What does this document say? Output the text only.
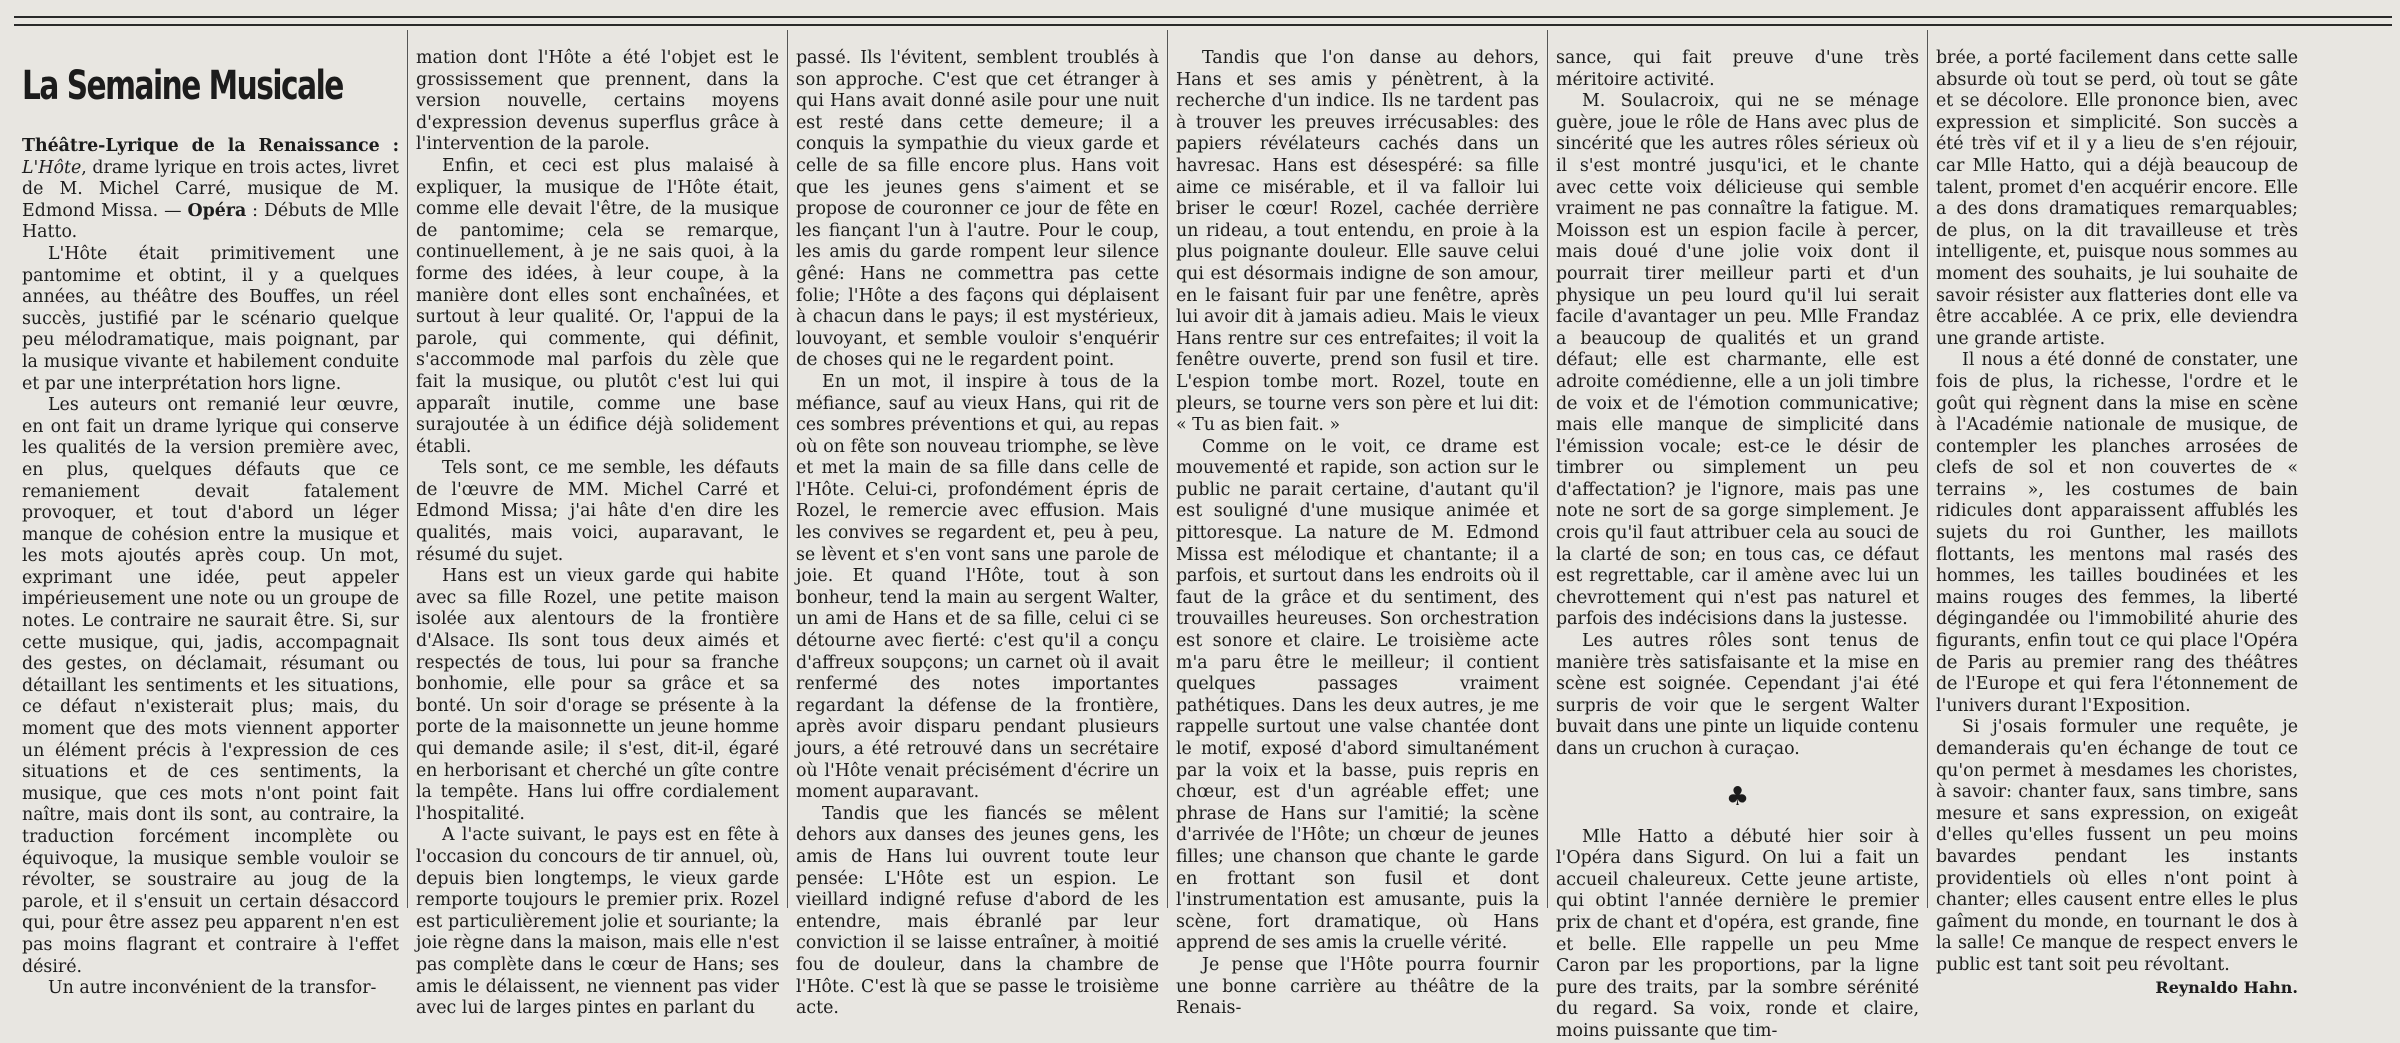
La Semaine Musicale

Théâtre-Lyrique de la Renaissance : L'Hôte, drame lyrique en trois actes, livret de M. Michel Carré, musique de M. Edmond Missa. — Opéra : Débuts de Mlle Hatto.

L'Hôte était primitivement une pantomime et obtint, il y a quelques années, au théâtre des Bouffes, un réel succès, justifié par le scénario quelque peu mélodramatique, mais poignant, par la musique vivante et habilement conduite et par une interprétation hors ligne.

Les auteurs ont remanié leur œuvre, en ont fait un drame lyrique qui conserve les qualités de la version première avec, en plus, quelques défauts que ce remaniement devait fatalement provoquer, et tout d'abord un léger manque de cohésion entre la musique et les mots ajoutés après coup. Un mot, exprimant une idée, peut appeler impérieusement une note ou un groupe de notes. Le contraire ne saurait être. Si, sur cette musique, qui, jadis, accompagnait des gestes, on déclamait, résumant ou détaillant les sentiments et les situations, ce défaut n'existerait plus; mais, du moment que des mots viennent apporter un élément précis à l'expression de ces situations et de ces sentiments, la musique, que ces mots n'ont point fait naître, mais dont ils sont, au contraire, la traduction forcément incomplète ou équivoque, la musique semble vouloir se révolter, se soustraire au joug de la parole, et il s'ensuit un certain désaccord qui, pour être assez peu apparent n'en est pas moins flagrant et contraire à l'effet désiré.

Un autre inconvénient de la transfor-

mation dont l'Hôte a été l'objet est le grossissement que prennent, dans la version nouvelle, certains moyens d'expression devenus superflus grâce à l'intervention de la parole.

Enfin, et ceci est plus malaisé à expliquer, la musique de l'Hôte était, comme elle devait l'être, de la musique de pantomime; cela se remarque, continuellement, à je ne sais quoi, à la forme des idées, à leur coupe, à la manière dont elles sont enchaînées, et surtout à leur qualité. Or, l'appui de la parole, qui commente, qui définit, s'accommode mal parfois du zèle que fait la musique, ou plutôt c'est lui qui apparaît inutile, comme une base surajoutée à un édifice déjà solidement établi.

Tels sont, ce me semble, les défauts de l'œuvre de MM. Michel Carré et Edmond Missa; j'ai hâte d'en dire les qualités, mais voici, auparavant, le résumé du sujet.

Hans est un vieux garde qui habite avec sa fille Rozel, une petite maison isolée aux alentours de la frontière d'Alsace. Ils sont tous deux aimés et respectés de tous, lui pour sa franche bonhomie, elle pour sa grâce et sa bonté. Un soir d'orage se présente à la porte de la maisonnette un jeune homme qui demande asile; il s'est, dit-il, égaré en herborisant et cherché un gîte contre la tempête. Hans lui offre cordialement l'hospitalité.

A l'acte suivant, le pays est en fête à l'occasion du concours de tir annuel, où, depuis bien longtemps, le vieux garde remporte toujours le premier prix. Rozel est particulièrement jolie et souriante; la joie règne dans la maison, mais elle n'est pas complète dans le cœur de Hans; ses amis le délaissent, ne viennent pas vider avec lui de larges pintes en parlant du

passé. Ils l'évitent, semblent troublés à son approche. C'est que cet étranger à qui Hans avait donné asile pour une nuit est resté dans cette demeure; il a conquis la sympathie du vieux garde et celle de sa fille encore plus. Hans voit que les jeunes gens s'aiment et se propose de couronner ce jour de fête en les fiançant l'un à l'autre. Pour le coup, les amis du garde rompent leur silence gêné: Hans ne commettra pas cette folie; l'Hôte a des façons qui déplaisent à chacun dans le pays; il est mystérieux, louvoyant, et semble vouloir s'enquérir de choses qui ne le regardent point.

En un mot, il inspire à tous de la méfiance, sauf au vieux Hans, qui rit de ces sombres préventions et qui, au repas où on fête son nouveau triomphe, se lève et met la main de sa fille dans celle de l'Hôte. Celui-ci, profondément épris de Rozel, le remercie avec effusion. Mais les convives se regardent et, peu à peu, se lèvent et s'en vont sans une parole de joie. Et quand l'Hôte, tout à son bonheur, tend la main au sergent Walter, un ami de Hans et de sa fille, celui ci se détourne avec fierté: c'est qu'il a conçu d'affreux soupçons; un carnet où il avait renfermé des notes importantes regardant la défense de la frontière, après avoir disparu pendant plusieurs jours, a été retrouvé dans un secrétaire où l'Hôte venait précisément d'écrire un moment auparavant.

Tandis que les fiancés se mêlent dehors aux danses des jeunes gens, les amis de Hans lui ouvrent toute leur pensée: L'Hôte est un espion. Le vieillard indigné refuse d'abord de les entendre, mais ébranlé par leur conviction il se laisse entraîner, à moitié fou de douleur, dans la chambre de l'Hôte. C'est là que se passe le troisième acte.

Tandis que l'on danse au dehors, Hans et ses amis y pénètrent, à la recherche d'un indice. Ils ne tardent pas à trouver les preuves irrécusables: des papiers révélateurs cachés dans un havresac. Hans est désespéré: sa fille aime ce misérable, et il va falloir lui briser le cœur! Rozel, cachée derrière un rideau, a tout entendu, en proie à la plus poignante douleur. Elle sauve celui qui est désormais indigne de son amour, en le faisant fuir par une fenêtre, après lui avoir dit à jamais adieu. Mais le vieux Hans rentre sur ces entrefaites; il voit la fenêtre ouverte, prend son fusil et tire. L'espion tombe mort. Rozel, toute en pleurs, se tourne vers son père et lui dit: « Tu as bien fait. »

Comme on le voit, ce drame est mouvementé et rapide, son action sur le public ne parait certaine, d'autant qu'il est souligné d'une musique animée et pittoresque. La nature de M. Edmond Missa est mélodique et chantante; il a parfois, et surtout dans les endroits où il faut de la grâce et du sentiment, des trouvailles heureuses. Son orchestration est sonore et claire. Le troisième acte m'a paru être le meilleur; il contient quelques passages vraiment pathétiques. Dans les deux autres, je me rappelle surtout une valse chantée dont le motif, exposé d'abord simultanément par la voix et la basse, puis repris en chœur, est d'un agréable effet; une phrase de Hans sur l'amitié; la scène d'arrivée de l'Hôte; un chœur de jeunes filles; une chanson que chante le garde en frottant son fusil et dont l'instrumentation est amusante, puis la scène, fort dramatique, où Hans apprend de ses amis la cruelle vérité.

Je pense que l'Hôte pourra fournir une bonne carrière au théâtre de la Renais-

sance, qui fait preuve d'une très méritoire activité.

M. Soulacroix, qui ne se ménage guère, joue le rôle de Hans avec plus de sincérité que les autres rôles sérieux où il s'est montré jusqu'ici, et le chante avec cette voix délicieuse qui semble vraiment ne pas connaître la fatigue. M. Moisson est un espion facile à percer, mais doué d'une jolie voix dont il pourrait tirer meilleur parti et d'un physique un peu lourd qu'il lui serait facile d'avantager un peu. Mlle Frandaz a beaucoup de qualités et un grand défaut; elle est charmante, elle est adroite comédienne, elle a un joli timbre de voix et de l'émotion communicative; mais elle manque de simplicité dans l'émission vocale; est-ce le désir de timbrer ou simplement un peu d'affectation? je l'ignore, mais pas une note ne sort de sa gorge simplement. Je crois qu'il faut attribuer cela au souci de la clarté de son; en tous cas, ce défaut est regrettable, car il amène avec lui un chevrottement qui n'est pas naturel et parfois des indécisions dans la justesse.

Les autres rôles sont tenus de manière très satisfaisante et la mise en scène est soignée. Cependant j'ai été surpris de voir que le sergent Walter buvait dans une pinte un liquide contenu dans un cruchon à curaçao.

♣

Mlle Hatto a débuté hier soir à l'Opéra dans Sigurd. On lui a fait un accueil chaleureux. Cette jeune artiste, qui obtint l'année dernière le premier prix de chant et d'opéra, est grande, fine et belle. Elle rappelle un peu Mme Caron par les proportions, par la ligne pure des traits, par la sombre sérénité du regard. Sa voix, ronde et claire, moins puissante que tim-

brée, a porté facilement dans cette salle absurde où tout se perd, où tout se gâte et se décolore. Elle prononce bien, avec expression et simplicité. Son succès a été très vif et il y a lieu de s'en réjouir, car Mlle Hatto, qui a déjà beaucoup de talent, promet d'en acquérir encore. Elle a des dons dramatiques remarquables; de plus, on la dit travailleuse et très intelligente, et, puisque nous sommes au moment des souhaits, je lui souhaite de savoir résister aux flatteries dont elle va être accablée. A ce prix, elle deviendra une grande artiste.

Il nous a été donné de constater, une fois de plus, la richesse, l'ordre et le goût qui règnent dans la mise en scène à l'Académie nationale de musique, de contempler les planches arrosées de clefs de sol et non couvertes de « terrains », les costumes de bain ridicules dont apparaissent affublés les sujets du roi Gunther, les maillots flottants, les mentons mal rasés des hommes, les tailles boudinées et les mains rouges des femmes, la liberté dégingandée ou l'immobilité ahurie des figurants, enfin tout ce qui place l'Opéra de Paris au premier rang des théâtres de l'Europe et qui fera l'étonnement de l'univers durant l'Exposition.

Si j'osais formuler une requête, je demanderais qu'en échange de tout ce qu'on permet à mesdames les choristes, à savoir: chanter faux, sans timbre, sans mesure et sans expression, on exigeât d'elles qu'elles fussent un peu moins bavardes pendant les instants providentiels où elles n'ont point à chanter; elles causent entre elles le plus gaîment du monde, en tournant le dos à la salle! Ce manque de respect envers le public est tant soit peu révoltant.

Reynaldo Hahn.
